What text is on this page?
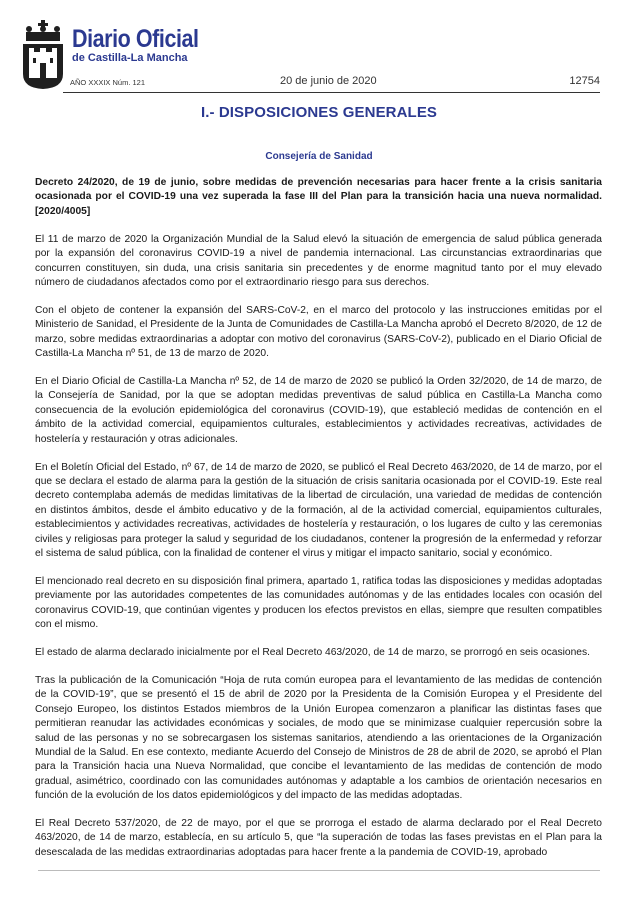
Diario Oficial
de Castilla-La Mancha
AÑO XXXIX Núm. 121	20 de junio de 2020	12754
I.- DISPOSICIONES GENERALES
Consejería de Sanidad

Decreto 24/2020, de 19 de junio, sobre medidas de prevención necesarias para hacer frente a la crisis sanitaria ocasionada por el COVID-19 una vez superada la fase III del Plan para la transición hacia una nueva normalidad. [2020/4005]

El 11 de marzo de 2020 la Organización Mundial de la Salud elevó la situación de emergencia de salud pública generada por la expansión del coronavirus COVID-19 a nivel de pandemia internacional. Las circunstancias extraordinarias que concurren constituyen, sin duda, una crisis sanitaria sin precedentes y de enorme magnitud tanto por el muy elevado número de ciudadanos afectados como por el extraordinario riesgo para sus derechos.

Con el objeto de contener la expansión del SARS-CoV-2, en el marco del protocolo y las instrucciones emitidas por el Ministerio de Sanidad, el Presidente de la Junta de Comunidades de Castilla-La Mancha aprobó el Decreto 8/2020, de 12 de marzo, sobre medidas extraordinarias a adoptar con motivo del coronavirus (SARS-CoV-2), publicado en el Diario Oficial de Castilla-La Mancha nº 51, de 13 de marzo de 2020.

En el Diario Oficial de Castilla-La Mancha nº 52, de 14 de marzo de 2020 se publicó la Orden 32/2020, de 14 de marzo, de la Consejería de Sanidad, por la que se adoptan medidas preventivas de salud pública en Castilla-La Mancha como consecuencia de la evolución epidemiológica del coronavirus (COVID-19), que estableció medidas de contención en el ámbito de la actividad comercial, equipamientos culturales, establecimientos y actividades recreativas, actividades de hostelería y restauración y otras adicionales.

En el Boletín Oficial del Estado, nº 67, de 14 de marzo de 2020, se publicó el Real Decreto 463/2020, de 14 de marzo, por el que se declara el estado de alarma para la gestión de la situación de crisis sanitaria ocasionada por el COVID-19. Este real decreto contemplaba además de medidas limitativas de la libertad de circulación, una variedad de medidas de contención en distintos ámbitos, desde el ámbito educativo y de la formación, al de la actividad comercial, equipamientos culturales, establecimientos y actividades recreativas, actividades de hostelería y restauración, o los lugares de culto y las ceremonias civiles y religiosas para proteger la salud y seguridad de los ciudadanos, contener la progresión de la enfermedad y reforzar el sistema de salud pública, con la finalidad de contener el virus y mitigar el impacto sanitario, social y económico.

El mencionado real decreto en su disposición final primera, apartado 1, ratifica todas las disposiciones y medidas adoptadas previamente por las autoridades competentes de las comunidades autónomas y de las entidades locales con ocasión del coronavirus COVID-19, que continúan vigentes y producen los efectos previstos en ellas, siempre que resulten compatibles con el mismo.

El estado de alarma declarado inicialmente por el Real Decreto 463/2020, de 14 de marzo, se prorrogó en seis ocasiones.

Tras la publicación de la Comunicación “Hoja de ruta común europea para el levantamiento de las medidas de contención de la COVID-19”, que se presentó el 15 de abril de 2020 por la Presidenta de la Comisión Europea y el Presidente del Consejo Europeo, los distintos Estados miembros de la Unión Europea comenzaron a planificar las distintas fases que permitieran reanudar las actividades económicas y sociales, de modo que se minimizase cualquier repercusión sobre la salud de las personas y no se sobrecargasen los sistemas sanitarios, atendiendo a las orientaciones de la Organización Mundial de la Salud. En ese contexto, mediante Acuerdo del Consejo de Ministros de 28 de abril de 2020, se aprobó el Plan para la Transición hacia una Nueva Normalidad, que concibe el levantamiento de las medidas de contención de modo gradual, asimétrico, coordinado con las comunidades autónomas y adaptable a los cambios de orientación necesarios en función de la evolución de los datos epidemiológicos y del impacto de las medidas adoptadas.

El Real Decreto 537/2020, de 22 de mayo, por el que se prorroga el estado de alarma declarado por el Real Decreto 463/2020, de 14 de marzo, establecía, en su artículo 5, que “la superación de todas las fases previstas en el Plan para la desescalada de las medidas extraordinarias adoptadas para hacer frente a la pandemia de COVID-19, aprobado
